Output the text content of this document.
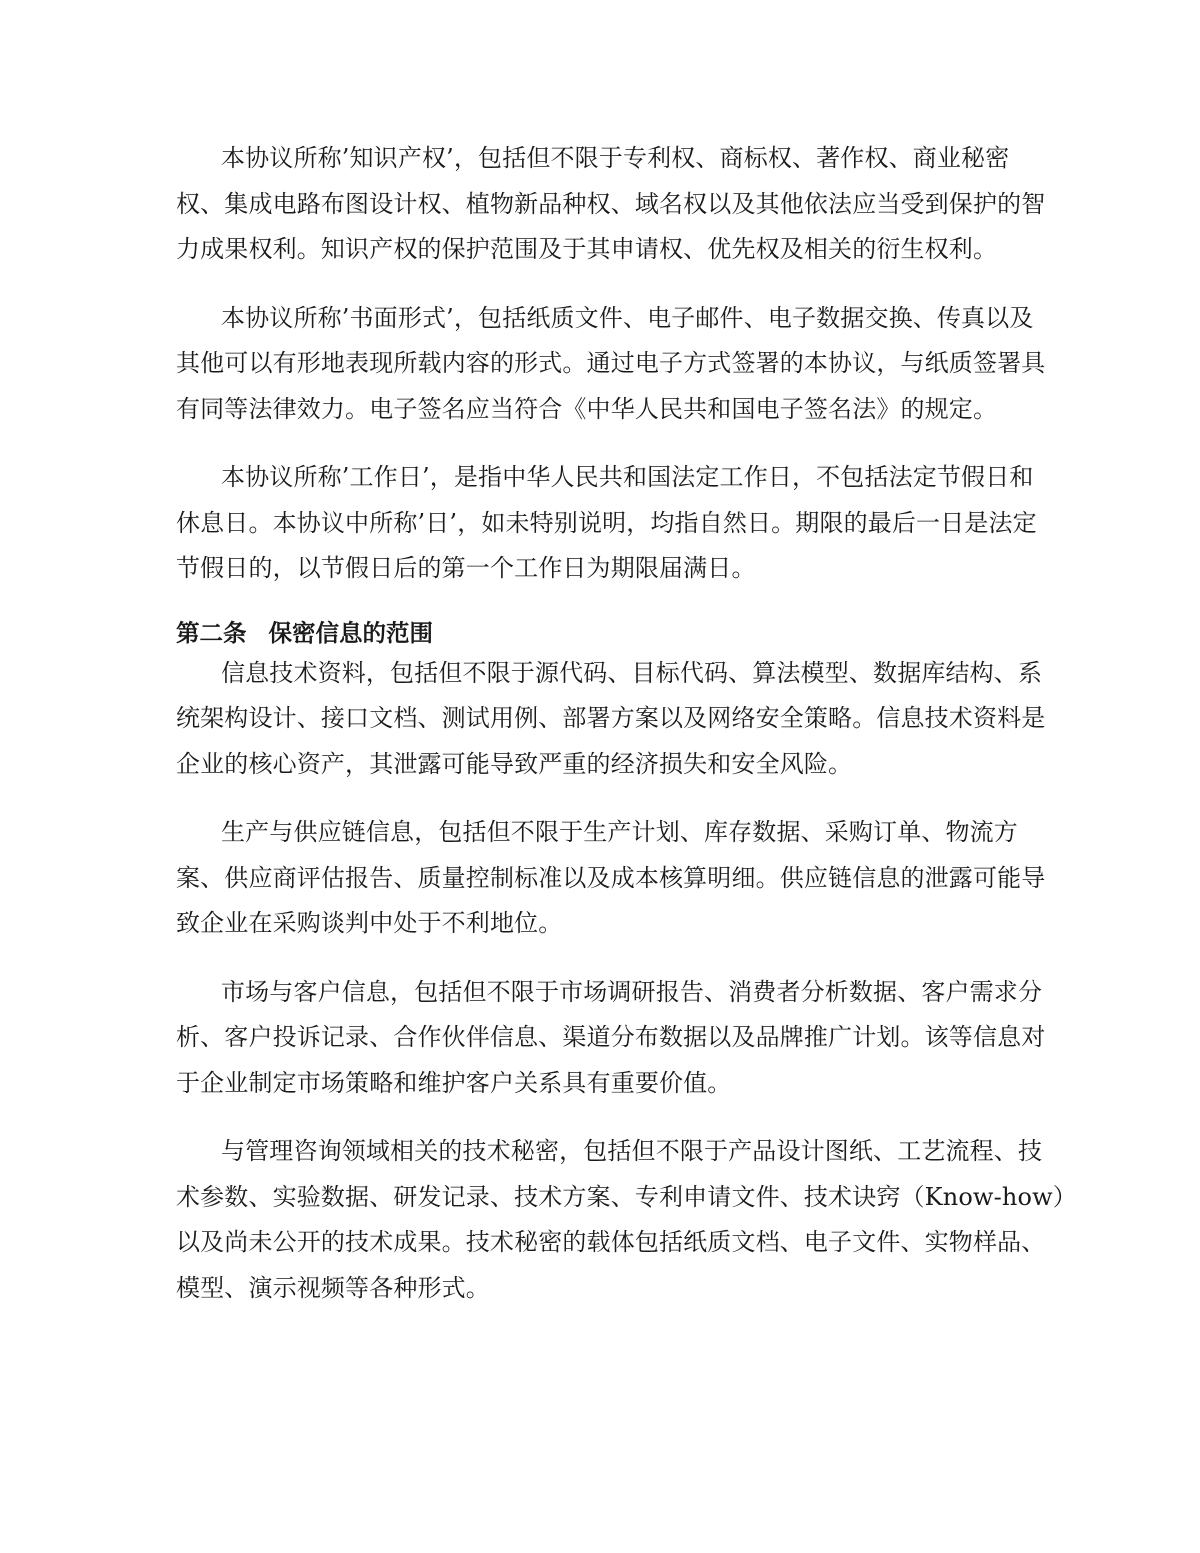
本协议所称’知识产权’，包括但不限于专利权、商标权、著作权、商业秘密
权、集成电路布图设计权、植物新品种权、域名权以及其他依法应当受到保护的智
力成果权利。知识产权的保护范围及于其申请权、优先权及相关的衍生权利。
本协议所称’书面形式’，包括纸质文件、电子邮件、电子数据交换、传真以及
其他可以有形地表现所载内容的形式。通过电子方式签署的本协议，与纸质签署具
有同等法律效力。电子签名应当符合《中华人民共和国电子签名法》的规定。
本协议所称’工作日’，是指中华人民共和国法定工作日，不包括法定节假日和
休息日。本协议中所称’日’，如未特别说明，均指自然日。期限的最后一日是法定
节假日的，以节假日后的第一个工作日为期限届满日。
第二条 保密信息的范围
信息技术资料，包括但不限于源代码、目标代码、算法模型、数据库结构、系
统架构设计、接口文档、测试用例、部署方案以及网络安全策略。信息技术资料是
企业的核心资产，其泄露可能导致严重的经济损失和安全风险。
生产与供应链信息，包括但不限于生产计划、库存数据、采购订单、物流方
案、供应商评估报告、质量控制标准以及成本核算明细。供应链信息的泄露可能导
致企业在采购谈判中处于不利地位。
市场与客户信息，包括但不限于市场调研报告、消费者分析数据、客户需求分
析、客户投诉记录、合作伙伴信息、渠道分布数据以及品牌推广计划。该等信息对
于企业制定市场策略和维护客户关系具有重要价值。
与管理咨询领域相关的技术秘密，包括但不限于产品设计图纸、工艺流程、技
术参数、实验数据、研发记录、技术方案、专利申请文件、技术诀窍（Know-how）
以及尚未公开的技术成果。技术秘密的载体包括纸质文档、电子文件、实物样品、
模型、演示视频等各种形式。
